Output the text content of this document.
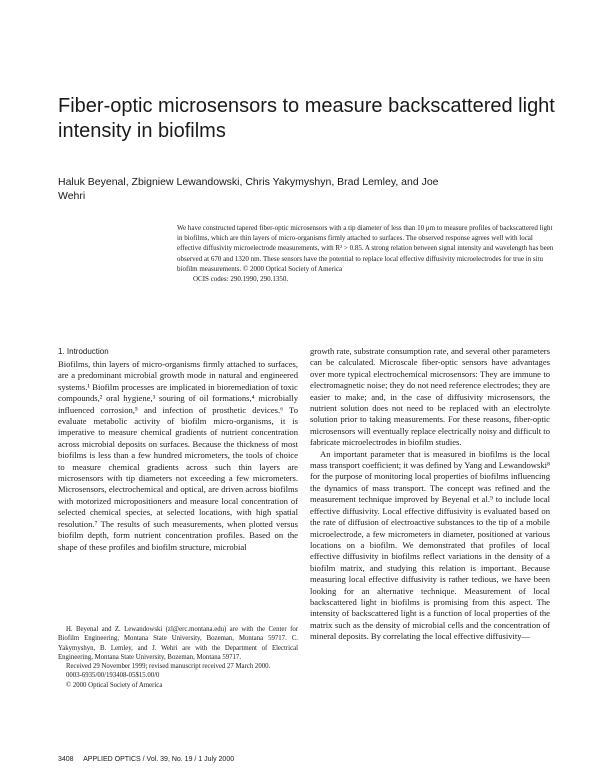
Fiber-optic microsensors to measure backscattered light intensity in biofilms
Haluk Beyenal, Zbigniew Lewandowski, Chris Yakymyshyn, Brad Lemley, and Joe Wehri
We have constructed tapered fiber-optic microsensors with a tip diameter of less than 10 μm to measure profiles of backscattered light in biofilms, which are thin layers of micro-organisms firmly attached to surfaces. The observed response agrees well with local effective diffusivity microelectrode measurements, with R² > 0.85. A strong relation between signal intensity and wavelength has been observed at 670 and 1320 nm. These sensors have the potential to replace local effective diffusivity microelectrodes for true in situ biofilm measurements. © 2000 Optical Society of America
OCIS codes: 290.1990, 290.1350.
1. Introduction

Biofilms, thin layers of micro-organisms firmly attached to surfaces, are a predominant microbial growth mode in natural and engineered systems.¹ Biofilm processes are implicated in bioremediation of toxic compounds,² oral hygiene,³ souring of oil formations,⁴ microbially influenced corrosion,⁵ and infection of prosthetic devices.⁶ To evaluate metabolic activity of biofilm micro-organisms, it is imperative to measure chemical gradients of nutrient concentration across microbial deposits on surfaces. Because the thickness of most biofilms is less than a few hundred micrometers, the tools of choice to measure chemical gradients across such thin layers are microsensors with tip diameters not exceeding a few micrometers. Microsensors, electrochemical and optical, are driven across biofilms with motorized micropositioners and measure local concentration of selected chemical species, at selected locations, with high spatial resolution.⁷ The results of such measurements, when plotted versus biofilm depth, form nutrient concentration profiles. Based on the shape of these profiles and biofilm structure, microbial

growth rate, substrate consumption rate, and several other parameters can be calculated. Microscale fiber-optic sensors have advantages over more typical electrochemical microsensors: They are immune to electromagnetic noise; they do not need reference electrodes; they are easier to make; and, in the case of diffusivity microsensors, the nutrient solution does not need to be replaced with an electrolyte solution prior to taking measurements. For these reasons, fiber-optic microsensors will eventually replace electrically noisy and difficult to fabricate microelectrodes in biofilm studies.

An important parameter that is measured in biofilms is the local mass transport coefficient; it was defined by Yang and Lewandowski⁸ for the purpose of monitoring local properties of biofilms influencing the dynamics of mass transport. The concept was refined and the measurement technique improved by Beyenal et al.⁹ to include local effective diffusivity. Local effective diffusivity is evaluated based on the rate of diffusion of electroactive substances to the tip of a mobile microelectrode, a few micrometers in diameter, positioned at various locations on a biofilm. We demonstrated that profiles of local effective diffusivity in biofilms reflect variations in the density of a biofilm matrix, and studying this relation is important. Because measuring local effective diffusivity is rather tedious, we have been looking for an alternative technique. Measurement of local backscattered light in biofilms is promising from this aspect. The intensity of backscattered light is a function of local properties of the matrix such as the density of microbial cells and the concentration of mineral deposits. By correlating the local effective diffusivity—

H. Beyenal and Z. Lewandowski (zl@erc.montana.edu) are with the Center for Biofilm Engineering, Montana State University, Bozeman, Montana 59717. C. Yakymyshyn, B. Lemley, and J. Wehri are with the Department of Electrical Engineering, Montana State University, Bozeman, Montana 59717.

Received 29 November 1999; revised manuscript received 27 March 2000.

0003-6935/00/193408-05$15.00/0

© 2000 Optical Society of America

3408 APPLIED OPTICS / Vol. 39, No. 19 / 1 July 2000
